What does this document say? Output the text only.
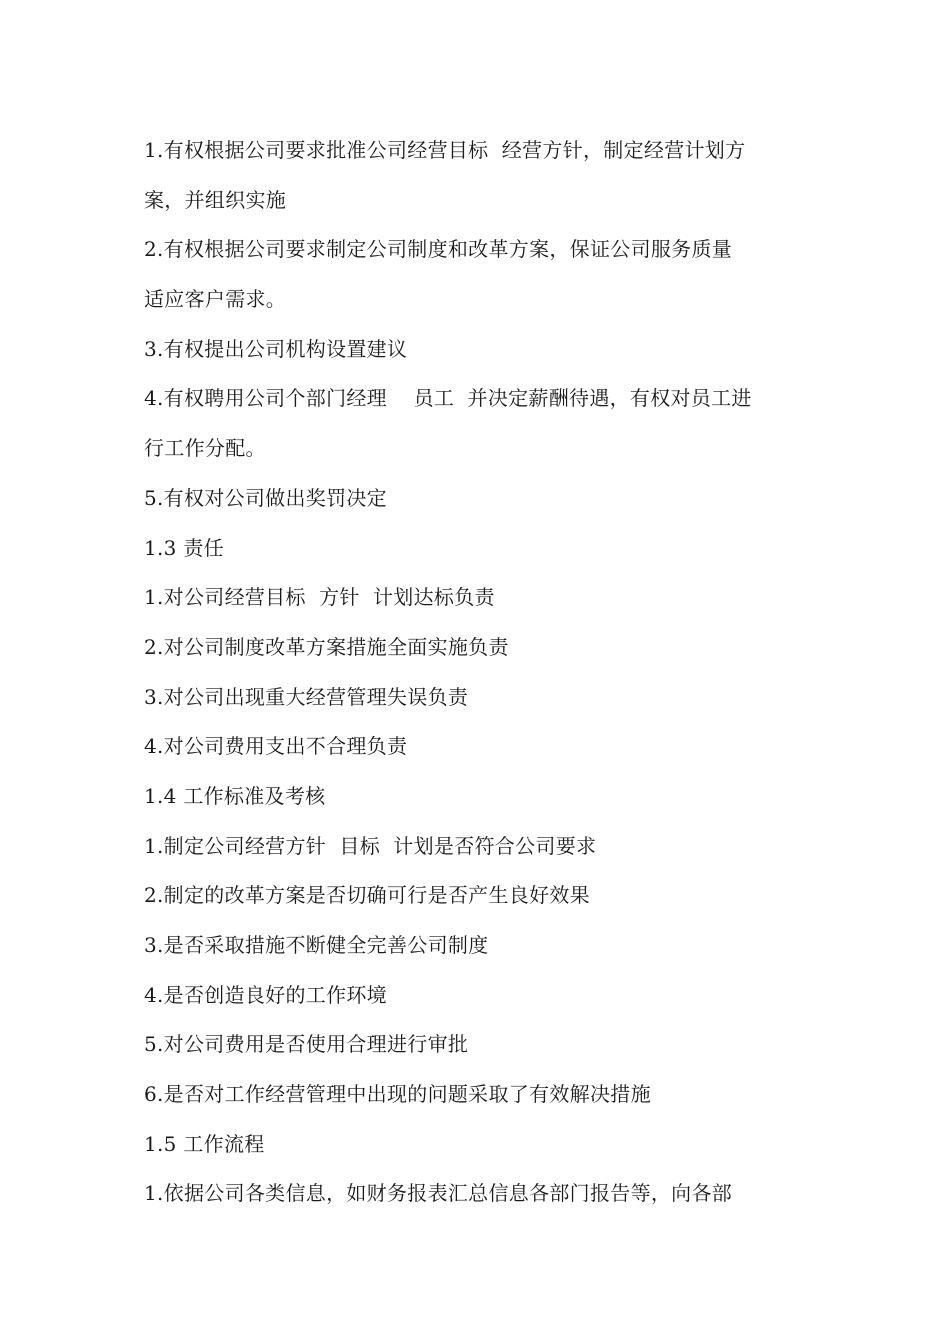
1.有权根据公司要求批准公司经营目标  经营方针，制定经营计划方
案，并组织实施
2.有权根据公司要求制定公司制度和改革方案，保证公司服务质量
适应客户需求。
3.有权提出公司机构设置建议
4.有权聘用公司个部门经理    员工  并决定薪酬待遇，有权对员工进
行工作分配。
5.有权对公司做出奖罚决定
1.3 责任
1.对公司经营目标  方针  计划达标负责
2.对公司制度改革方案措施全面实施负责
3.对公司出现重大经营管理失误负责
4.对公司费用支出不合理负责
1.4 工作标准及考核
1.制定公司经营方针  目标  计划是否符合公司要求
2.制定的改革方案是否切确可行是否产生良好效果
3.是否采取措施不断健全完善公司制度
4.是否创造良好的工作环境
5.对公司费用是否使用合理进行审批
6.是否对工作经营管理中出现的问题采取了有效解决措施
1.5 工作流程
1.依据公司各类信息，如财务报表汇总信息各部门报告等，向各部
